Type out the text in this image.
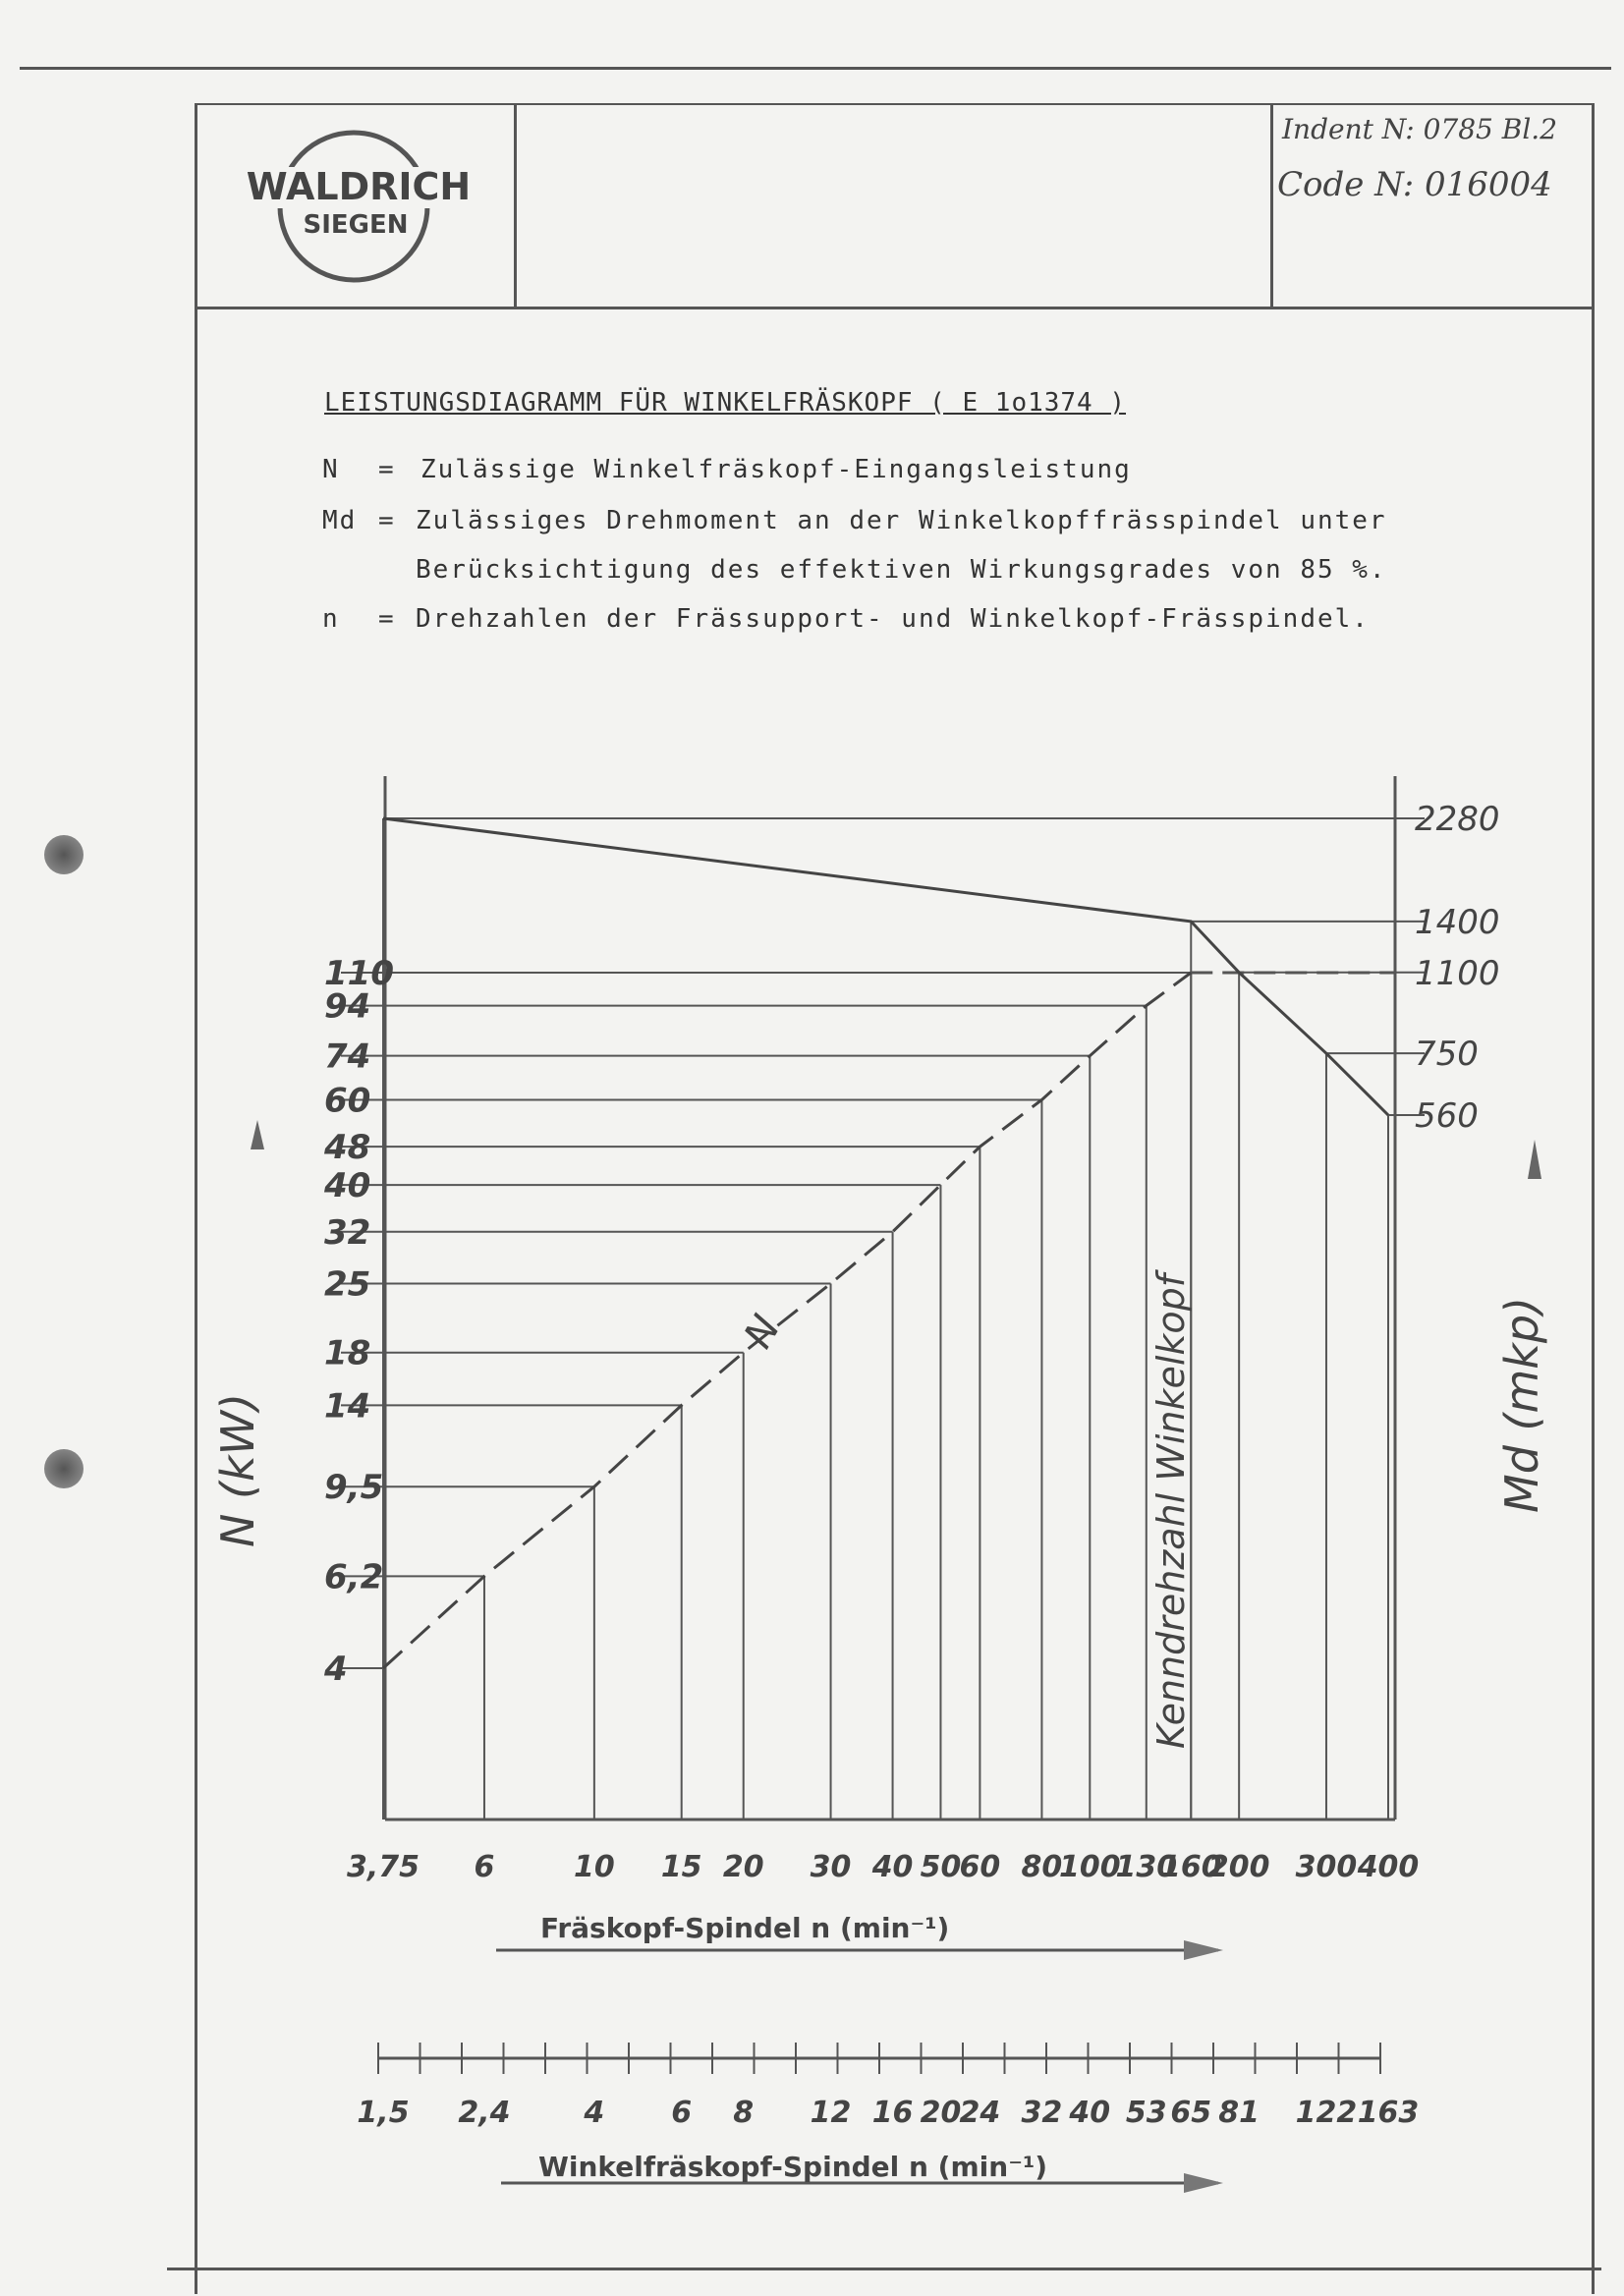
WALDRICH
SIEGEN
Indent N: 0785 Bl.2
Code N: 016004
LEISTUNGSDIAGRAMM FÜR WINKELFRÄSKOPF ( E 1o1374 )
N = Zulässige Winkelfräskopf-Eingangsleistung
Md = Zulässiges Drehmoment an der Winkelkopffrässpindel unter
Berücksichtigung des effektiven Wirkungsgrades von 85 %.
n = Drehzahlen der Frässupport- und Winkelkopf-Frässpindel.
4
6,2
9,5
14
18
25
32
40
48
60
74
94
110
2280
1400
1100
750
560
3,75 6	10 15 20 30 40 50
60 80
100
130
160
200 300 400
Fräskopf-Spindel n (min⁻¹)
1,5 2,4 4 6 8 12 16 20
24 32 40 53 65 81 122 163
Winkelfräskopf-Spindel n (min⁻¹)
N (kW)	Md (mkp)
N	Kenndrehzahl Winkelkopf
